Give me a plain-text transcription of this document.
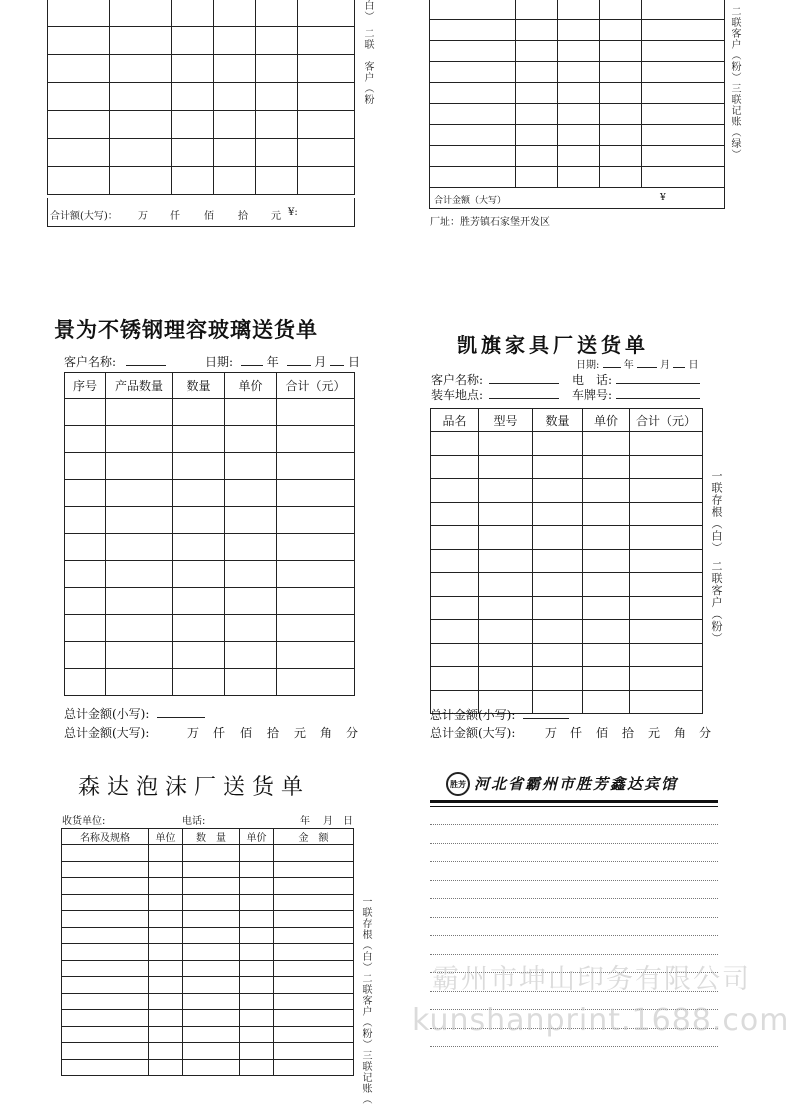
合计额(大写)： 万 仟 佰 拾 元 ¥:
白）　二联　客户（粉

合计金额（大写）	¥
厂址：胜芳镇石家堡开发区
二联客户（粉）三联记账（绿）
景为不锈钢理容玻璃送货单
客户名称:	日期:	年	月 日
序号	产品数量	数量	单价	合计（元）

总计金额(小写):
总计金额(大写):	万 仟 佰 拾 元 角 分
凯旗家具厂送货单
日期: 年	月 日
客户名称:	电　话:
装车地点:	车牌号:
品名	型号	数量	单价	合计（元）

一联存根（白）　二联客户（粉）
总计金额(小写):
总计金额(大写): 万 仟 佰 拾 元 角 分
森达泡沫厂送货单
收货单位:	电话:	年 月 日
名称及规格	单位	数　量	单价	金　额

一联存根（白）二联客户（粉）三联记账（
胜芳 河北省霸州市胜芳鑫达宾馆
霸州市坤山印务有限公司
kunshanprint.1688.com
